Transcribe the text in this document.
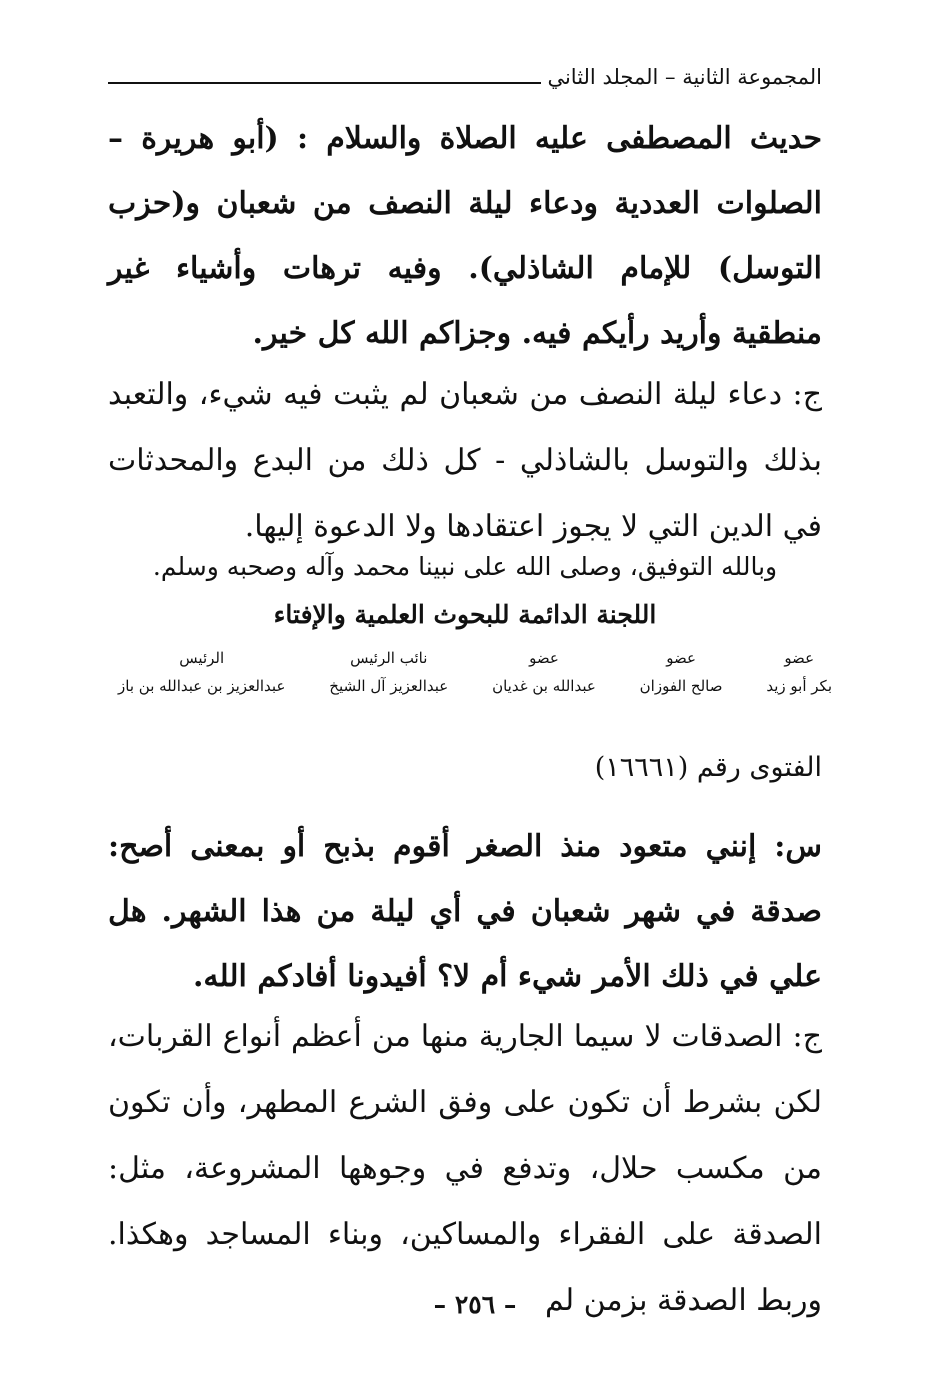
المجموعة الثانية – المجلد الثاني

حديث المصطفى عليه الصلاة والسلام : (أبو هريرة – الصلوات العددية ودعاء ليلة النصف من شعبان و(حزب التوسل) للإمام الشاذلي). وفيه ترهات وأشياء غير منطقية وأريد رأيكم فيه. وجزاكم الله كل خير.

ج: دعاء ليلة النصف من شعبان لم يثبت فيه شيء، والتعبد بذلك والتوسل بالشاذلي - كل ذلك من البدع والمحدثات في الدين التي لا يجوز اعتقادها ولا الدعوة إليها.

وبالله التوفيق، وصلى الله على نبينا محمد وآله وصحبه وسلم.

اللجنة الدائمة للبحوث العلمية والإفتاء

عضو
بكر أبو زيد
عضو
صالح الفوزان
عضو
عبدالله بن غديان
نائب الرئيس
عبدالعزيز آل الشيخ
الرئيس
عبدالعزيز بن عبدالله بن باز

الفتوى رقم (١٦٦٦١)

س: إنني متعود منذ الصغر أقوم بذبح أو بمعنى أصح: صدقة في شهر شعبان في أي ليلة من هذا الشهر. هل علي في ذلك الأمر شيء أم لا؟ أفيدونا أفادكم الله.

ج: الصدقات لا سيما الجارية منها من أعظم أنواع القربات، لكن بشرط أن تكون على وفق الشرع المطهر، وأن تكون من مكسب حلال، وتدفع في وجوهها المشروعة، مثل: الصدقة على الفقراء والمساكين، وبناء المساجد وهكذا. وربط الصدقة بزمن لم

– ٢٥٦ –
